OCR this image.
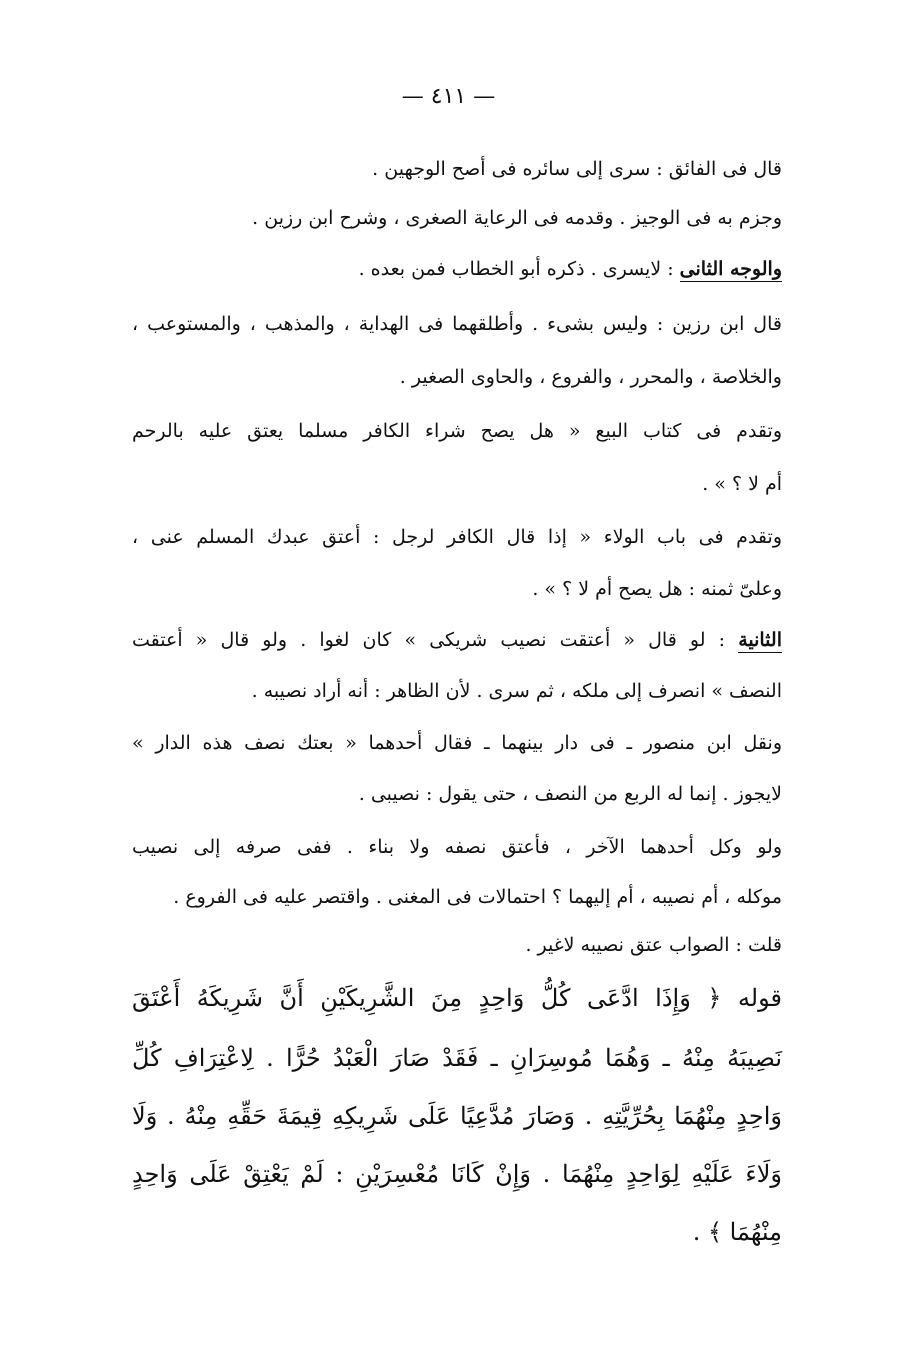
— ٤١١ —
قال فى الفائق : سرى إلى سائره فى أصح الوجهين .
وجزم به فى الوجيز . وقدمه فى الرعاية الصغرى ، وشرح ابن رزين .
والوجه الثانى : لايسرى . ذكره أبو الخطاب فمن بعده .
قال ابن رزين : وليس بشىء . وأطلقهما فى الهداية ، والمذهب ، والمستوعب ،
والخلاصة ، والمحرر ، والفروع ، والحاوى الصغير .
وتقدم فى كتاب البيع « هل يصح شراء الكافر مسلما يعتق عليه بالرحم
أم لا ؟ » .
وتقدم فى باب الولاء « إذا قال الكافر لرجل : أعتق عبدك المسلم عنى ،
وعلىّ ثمنه : هل يصح أم لا ؟ » .
الثانية : لو قال « أعتقت نصيب شريكى » كان لغوا . ولو قال « أعتقت
النصف » انصرف إلى ملكه ، ثم سرى . لأن الظاهر : أنه أراد نصيبه .
ونقل ابن منصور ـ فى دار بينهما ـ فقال أحدهما « بعتك نصف هذه الدار »
لايجوز . إنما له الربع من النصف ، حتى يقول : نصيبى .
ولو وكل أحدهما الآخر ، فأعتق نصفه ولا بناء . ففى صرفه إلى نصيب
موكله ، أم نصيبه ، أم إليهما ؟ احتمالات فى المغنى . واقتصر عليه فى الفروع .
قلت : الصواب عتق نصيبه لاغير .
قوله ﴿ وَإِذَا ادَّعَى كُلُّ وَاحِدٍ مِنَ الشَّرِيكَيْنِ أَنَّ شَرِيكَهُ أَعْتَقَ
نَصِيبَهُ مِنْهُ ـ وَهُمَا مُوسِرَانِ ـ فَقَدْ صَارَ الْعَبْدُ حُرًّا . لِاعْتِرَافِ كُلِّ
وَاحِدٍ مِنْهُمَا بِحُرِّيَّتِهِ . وَصَارَ مُدَّعِيًا عَلَى شَرِيكِهِ قِيمَةَ حَقِّهِ مِنْهُ . وَلَا
وَلَاءَ عَلَيْهِ لِوَاحِدٍ مِنْهُمَا . وَإِنْ كَانَا مُعْسِرَيْنِ : لَمْ يَعْتِقْ عَلَى وَاحِدٍ
مِنْهُمَا ﴾ .
